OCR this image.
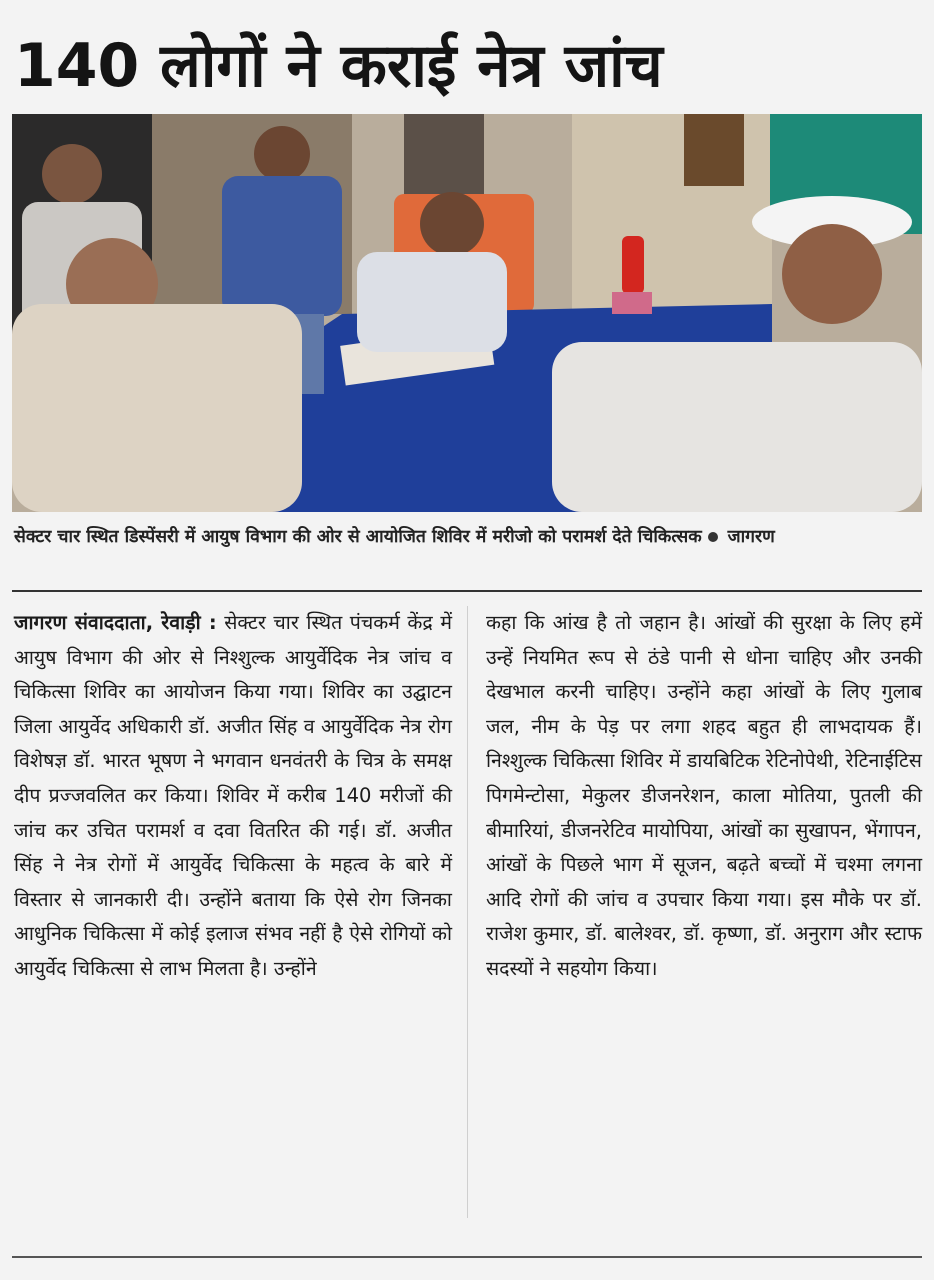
140 लोगों ने कराई नेत्र जांच
सेक्टर चार स्थित डिस्पेंसरी में आयुष विभाग की ओर से आयोजित शिविर में मरीजो को परामर्श देते चिकित्सक जागरण
जागरण संवाददाता, रेवाड़ी : सेक्टर चार स्थित पंचकर्म केंद्र में आयुष विभाग की ओर से निश्शुल्क आयुर्वेदिक नेत्र जांच व चिकित्सा शिविर का आयोजन किया गया। शिविर का उद्घाटन जिला आयुर्वेद अधिकारी डॉ. अजीत सिंह व आयुर्वेदिक नेत्र रोग विशेषज्ञ डॉ. भारत भूषण ने भगवान धनवंतरी के चित्र के समक्ष दीप प्रज्जवलित कर किया। शिविर में करीब 140 मरीजों की जांच कर उचित परामर्श व दवा वितरित की गई। डॉ. अजीत सिंह ने नेत्र रोगों में आयुर्वेद चिकित्सा के महत्व के बारे में विस्तार से जानकारी दी। उन्होंने बताया कि ऐसे रोग जिनका आधुनिक चिकित्सा में कोई इलाज संभव नहीं है ऐसे रोगियों को आयुर्वेद चिकित्सा से लाभ मिलता है। उन्होंने
कहा कि आंख है तो जहान है। आंखों की सुरक्षा के लिए हमें उन्हें नियमित रूप से ठंडे पानी से धोना चाहिए और उनकी देखभाल करनी चाहिए। उन्होंने कहा आंखों के लिए गुलाब जल, नीम के पेड़ पर लगा शहद बहुत ही लाभदायक हैं। निश्शुल्क चिकित्सा शिविर में डायबिटिक रेटिनोपेथी, रेटिनाईटिस पिगमेन्टोसा, मेकुलर डीजनरेशन, काला मोतिया, पुतली की बीमारियां, डीजनरेटिव मायोपिया, आंखों का सुखापन, भेंगापन, आंखों के पिछले भाग में सूजन, बढ़ते बच्चों में चश्मा लगना आदि रोगों की जांच व उपचार किया गया। इस मौके पर डॉ. राजेश कुमार, डॉ. बालेश्वर, डॉ. कृष्णा, डॉ. अनुराग और स्टाफ सदस्यों ने सहयोग किया।
